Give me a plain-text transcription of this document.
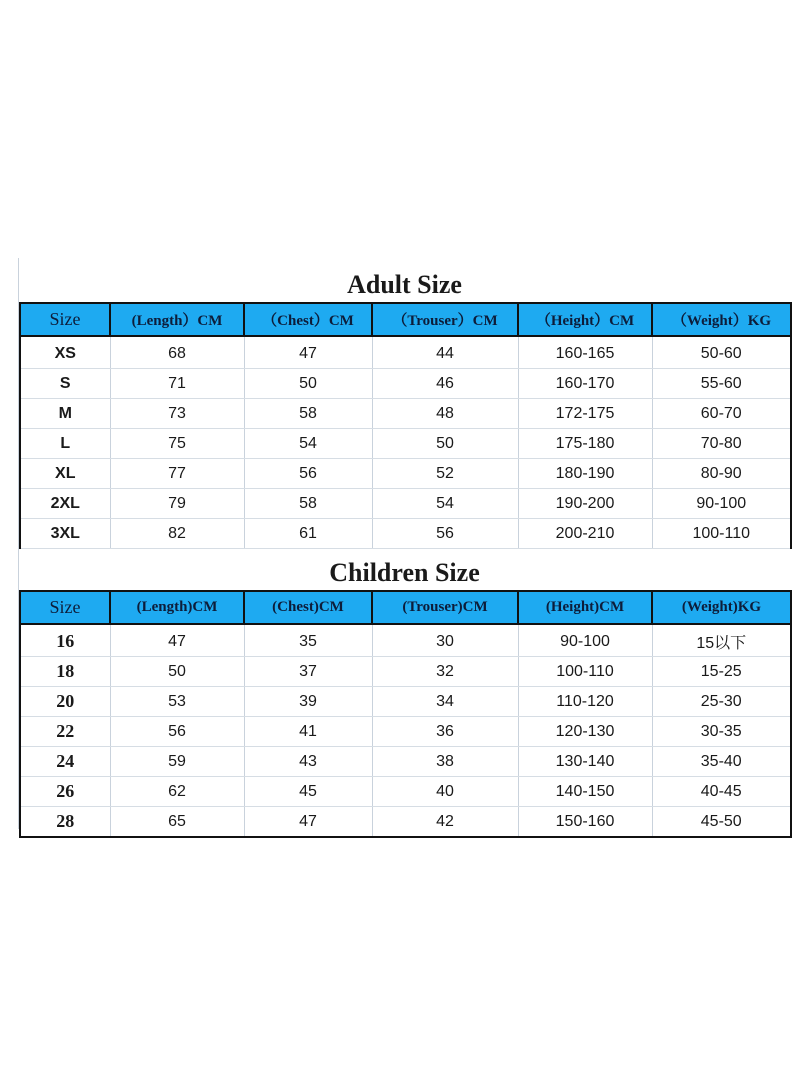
Adult Size
Size	(Length）CM	（Chest）CM	（Trouser）CM	（Height）CM	（Weight）KG
XS	68	47	44	160-165	50-60
S	71	50	46	160-170	55-60
M	73	58	48	172-175	60-70
L	75	54	50	175-180	70-80
XL	77	56	52	180-190	80-90
2XL	79	58	54	190-200	90-100
3XL	82	61	56	200-210	100-110
Children Size
Size	(Length)CM	(Chest)CM	(Trouser)CM	(Height)CM	(Weight)KG
16	47	35	30	90-100	15以下
18	50	37	32	100-110	15-25
20	53	39	34	110-120	25-30
22	56	41	36	120-130	30-35
24	59	43	38	130-140	35-40
26	62	45	40	140-150	40-45
28	65	47	42	150-160	45-50
